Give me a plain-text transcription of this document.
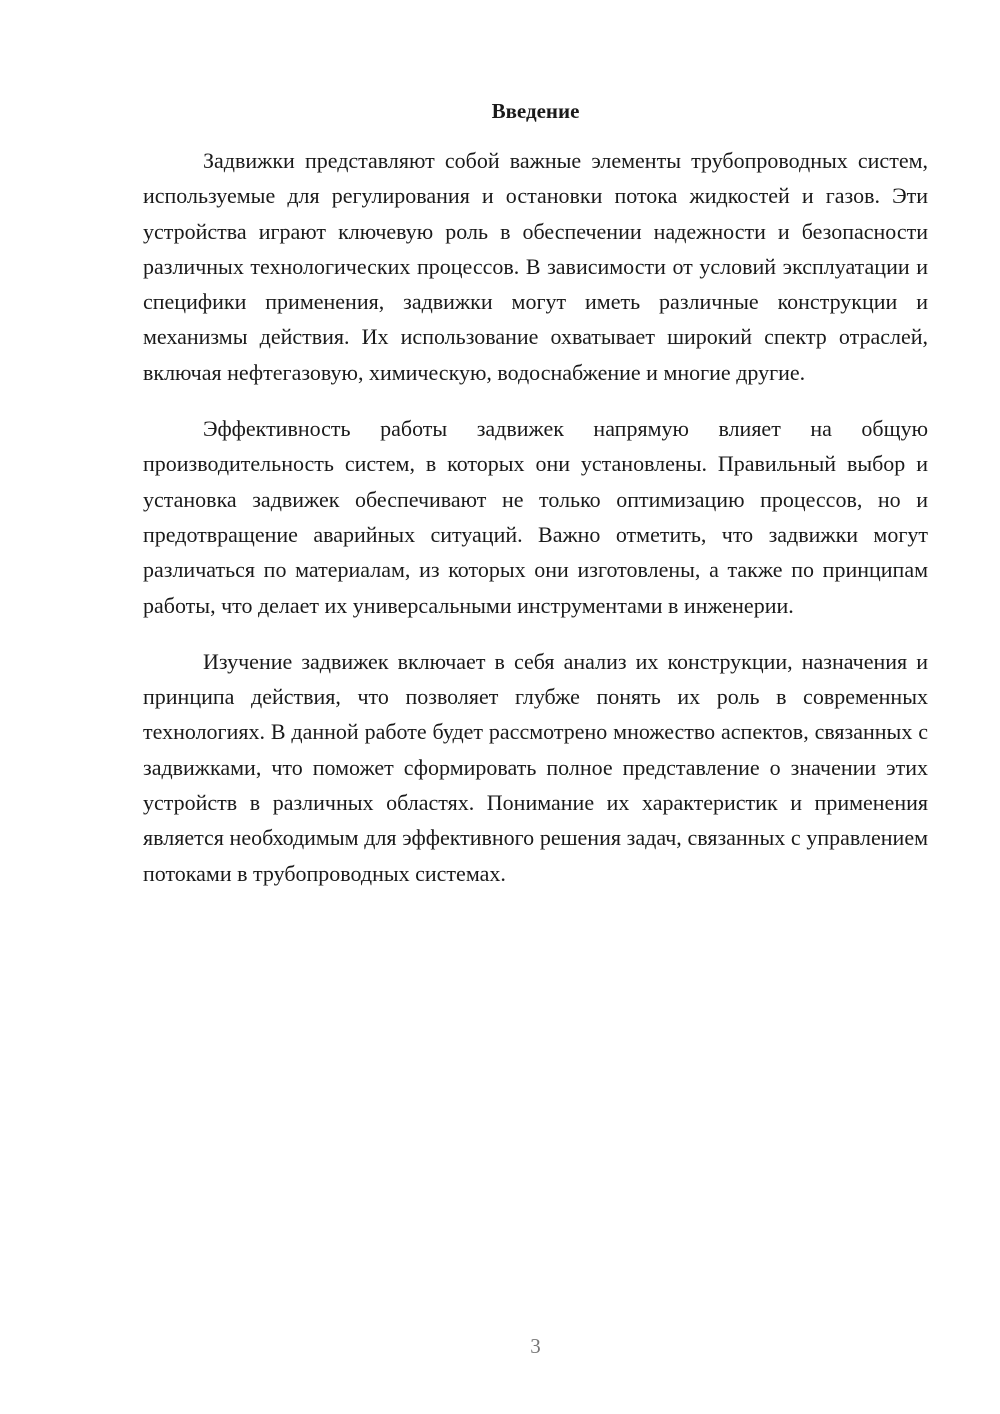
Введение

Задвижки представляют собой важные элементы трубопроводных систем, используемые для регулирования и остановки потока жидкостей и газов. Эти устройства играют ключевую роль в обеспечении надежности и безопасности различных технологических процессов. В зависимости от условий эксплуатации и специфики применения, задвижки могут иметь различные конструкции и механизмы действия. Их использование охватывает широкий спектр отраслей, включая нефтегазовую, химическую, водоснабжение и многие другие.

Эффективность работы задвижек напрямую влияет на общую производительность систем, в которых они установлены. Правильный выбор и установка задвижек обеспечивают не только оптимизацию процессов, но и предотвращение аварийных ситуаций. Важно отметить, что задвижки могут различаться по материалам, из которых они изготовлены, а также по принципам работы, что делает их универсальными инструментами в инженерии.

Изучение задвижек включает в себя анализ их конструкции, назначения и принципа действия, что позволяет глубже понять их роль в современных технологиях. В данной работе будет рассмотрено множество аспектов, связанных с задвижками, что поможет сформировать полное представление о значении этих устройств в различных областях. Понимание их характеристик и применения является необходимым для эффективного решения задач, связанных с управлением потоками в трубопроводных системах.

3
